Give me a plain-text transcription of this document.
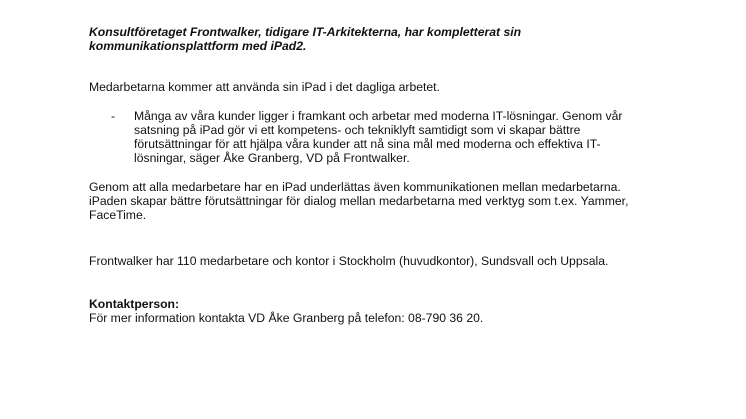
Konsultföretaget Frontwalker, tidigare IT-Arkitekterna, har kompletterat sin
kommunikationsplattform med iPad2.
Medarbetarna kommer att använda sin iPad i det dagliga arbetet.
- Många av våra kunder ligger i framkant och arbetar med moderna IT-lösningar. Genom vår
satsning på iPad gör vi ett kompetens- och tekniklyft samtidigt som vi skapar bättre
förutsättningar för att hjälpa våra kunder att nå sina mål med moderna och effektiva IT-
lösningar, säger Åke Granberg, VD på Frontwalker.
Genom att alla medarbetare har en iPad underlättas även kommunikationen mellan medarbetarna.
iPaden skapar bättre förutsättningar för dialog mellan medarbetarna med verktyg som t.ex. Yammer,
FaceTime.
Frontwalker har 110 medarbetare och kontor i Stockholm (huvudkontor), Sundsvall och Uppsala.
Kontaktperson:
För mer information kontakta VD Åke Granberg på telefon: 08-790 36 20.
